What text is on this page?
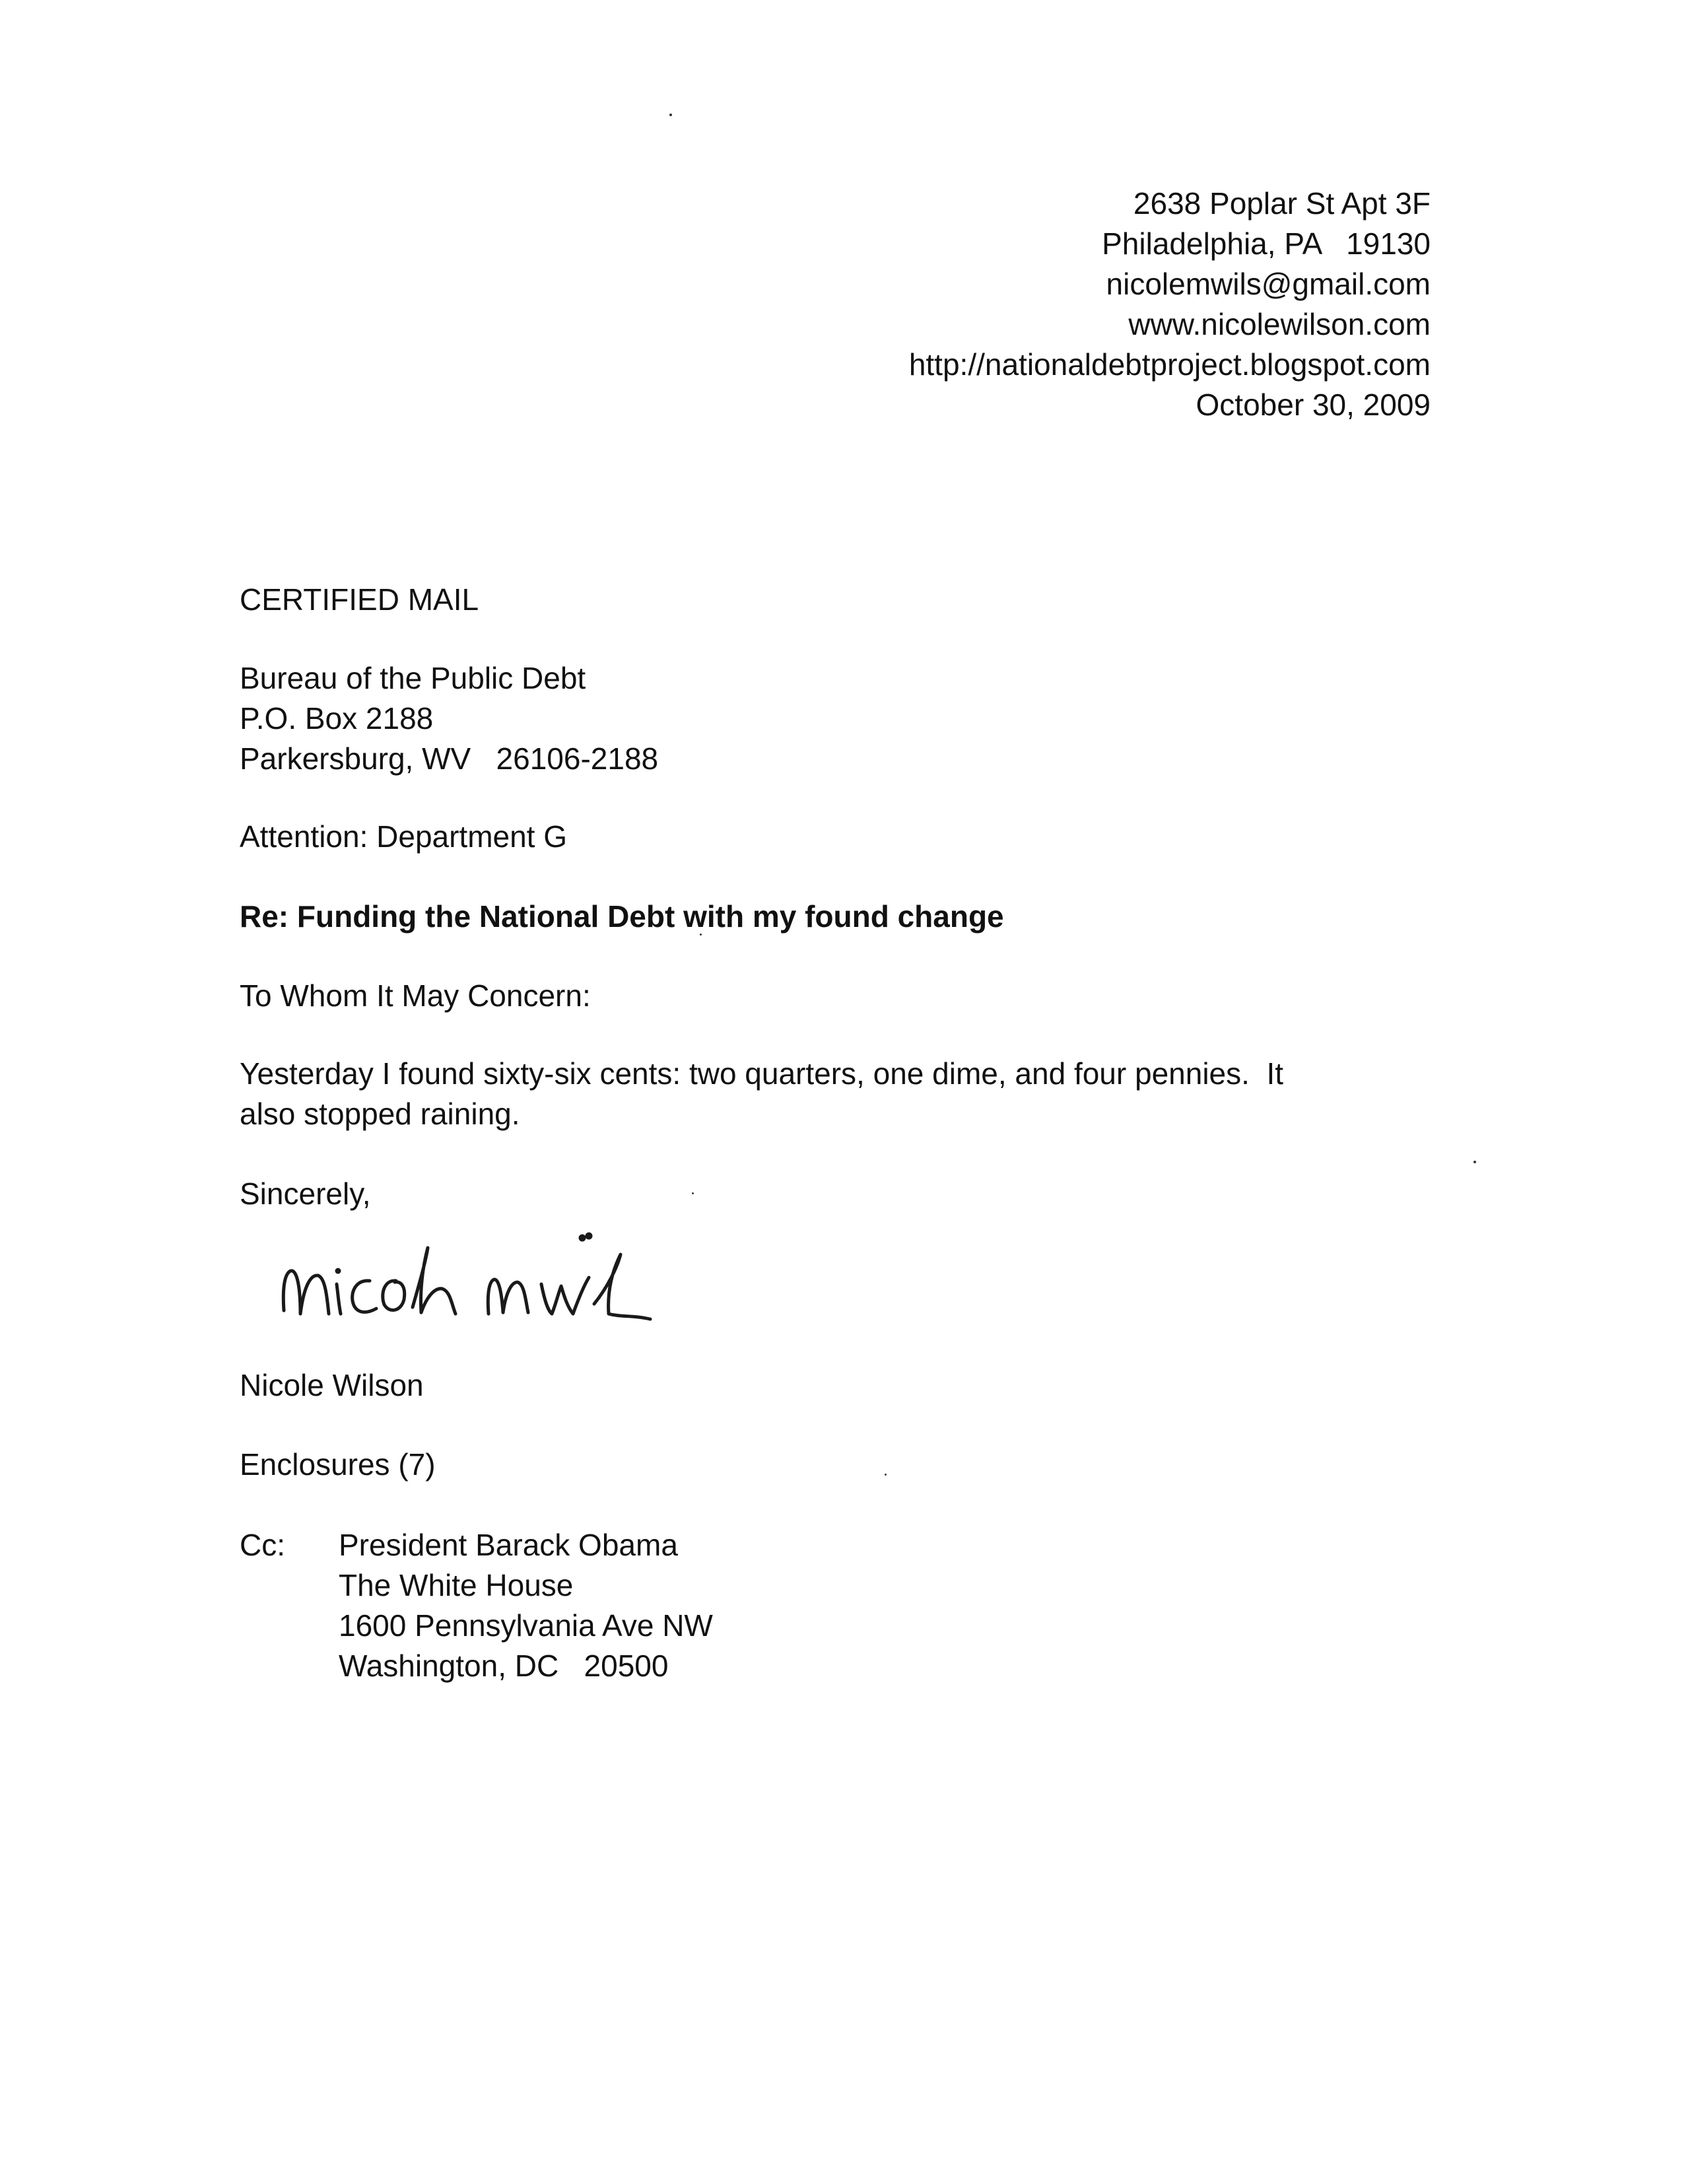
2638 Poplar St Apt 3F
Philadelphia, PA   19130
nicolemwils@gmail.com
www.nicolewilson.com
http://nationaldebtproject.blogspot.com
October 30, 2009
CERTIFIED MAIL
Bureau of the Public Debt
P.O. Box 2188
Parkersburg, WV   26106-2188
Attention: Department G
Re: Funding the National Debt with my found change
To Whom It May Concern:
Yesterday I found sixty-six cents: two quarters, one dime, and four pennies.  It
also stopped raining.
Sincerely,
Nicole Wilson
Enclosures (7)
Cc: President Barack Obama
The White House
1600 Pennsylvania Ave NW
Washington, DC   20500
